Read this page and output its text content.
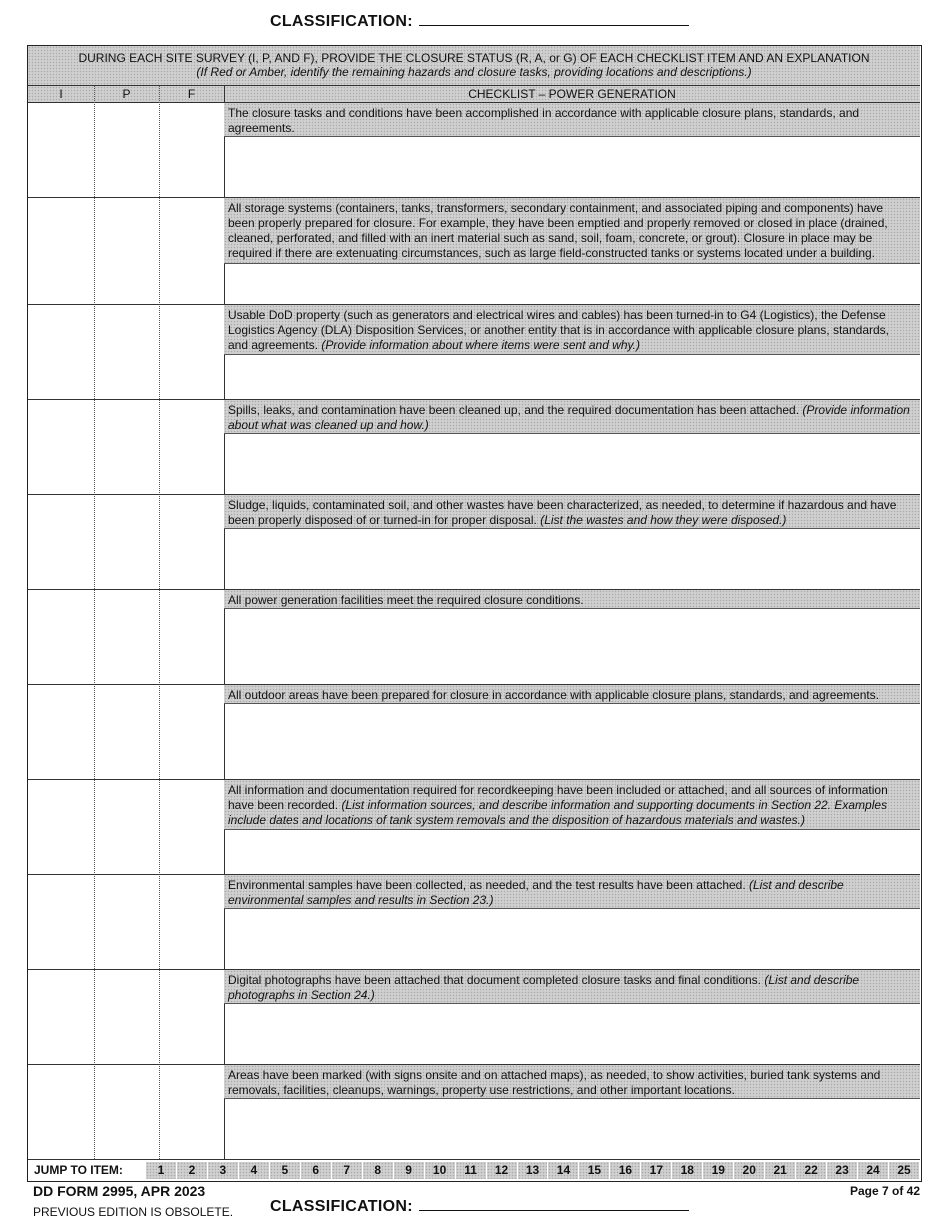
CLASSIFICATION:
DURING EACH SITE SURVEY (I, P, AND F), PROVIDE THE CLOSURE STATUS (R, A, or G) OF EACH CHECKLIST ITEM AND AN EXPLANATION
(If Red or Amber, identify the remaining hazards and closure tasks, providing locations and descriptions.)
I	P	F	CHECKLIST – POWER GENERATION
The closure tasks and conditions have been accomplished in accordance with applicable closure plans, standards, and agreements.
All storage systems (containers, tanks, transformers, secondary containment, and associated piping and components) have been properly prepared for closure. For example, they have been emptied and properly removed or closed in place (drained, cleaned, perforated, and filled with an inert material such as sand, soil, foam, concrete, or grout). Closure in place may be required if there are extenuating circumstances, such as large field-constructed tanks or systems located under a building.
Usable DoD property (such as generators and electrical wires and cables) has been turned-in to G4 (Logistics), the Defense Logistics Agency (DLA) Disposition Services, or another entity that is in accordance with applicable closure plans, standards, and agreements. (Provide information about where items were sent and why.)
Spills, leaks, and contamination have been cleaned up, and the required documentation has been attached. (Provide information about what was cleaned up and how.)
Sludge, liquids, contaminated soil, and other wastes have been characterized, as needed, to determine if hazardous and have been properly disposed of or turned-in for proper disposal. (List the wastes and how they were disposed.)
All power generation facilities meet the required closure conditions.
All outdoor areas have been prepared for closure in accordance with applicable closure plans, standards, and agreements.
All information and documentation required for recordkeeping have been included or attached, and all sources of information have been recorded. (List information sources, and describe information and supporting documents in Section 22. Examples include dates and locations of tank system removals and the disposition of hazardous materials and wastes.)
Environmental samples have been collected, as needed, and the test results have been attached. (List and describe environmental samples and results in Section 23.)
Digital photographs have been attached that document completed closure tasks and final conditions. (List and describe photographs in Section 24.)
Areas have been marked (with signs onsite and on attached maps), as needed, to show activities, buried tank systems and removals, facilities, cleanups, warnings, property use restrictions, and other important locations.
JUMP TO ITEM:	1	2	3	4	5	6	7	8	9	10	11	12	13	14	15	16	17	18	19	20	21	22	23	24	25
DD FORM 2995, APR 2023
PREVIOUS EDITION IS OBSOLETE.
Page 7 of 42
CLASSIFICATION:
